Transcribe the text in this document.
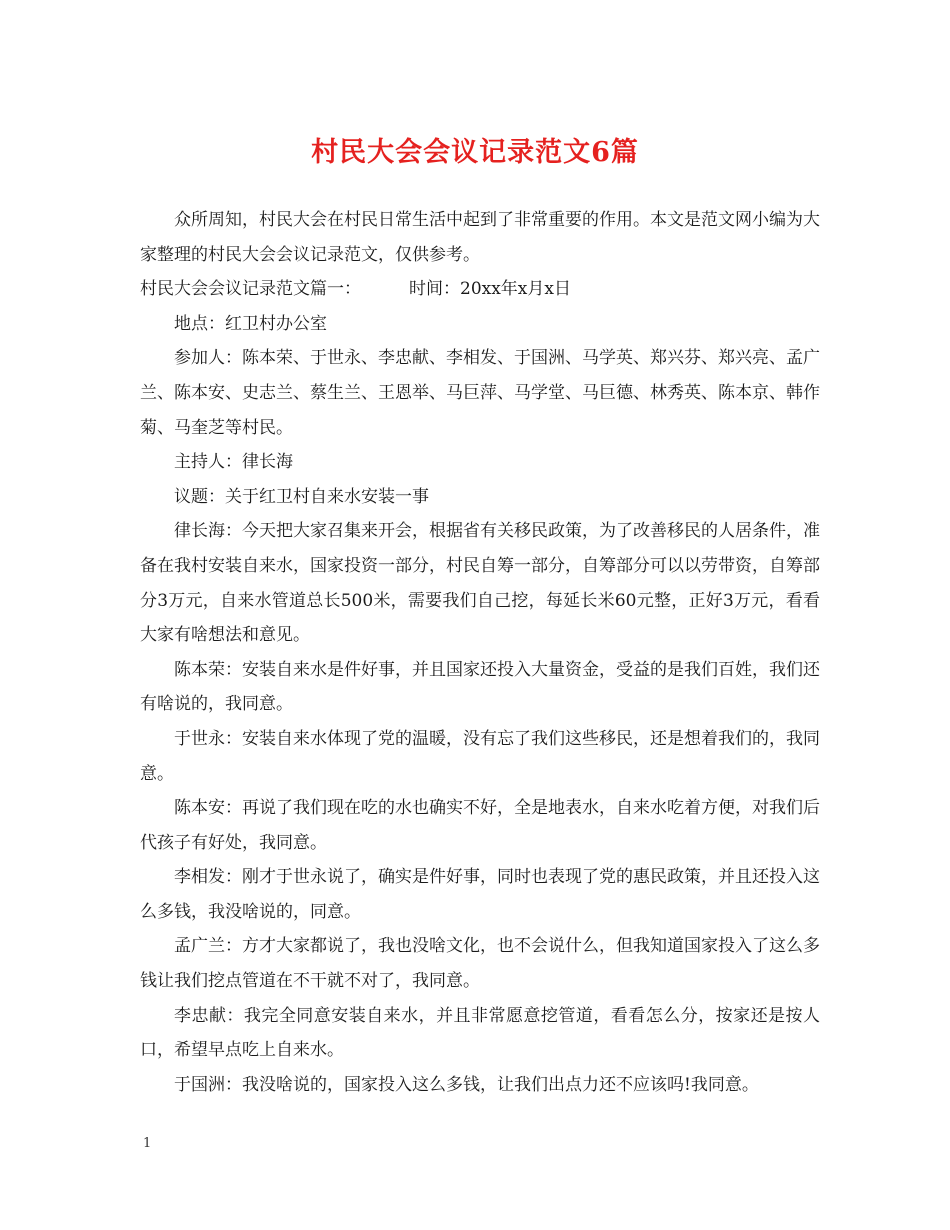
村民大会会议记录范文6篇

众所周知，村民大会在村民日常生活中起到了非常重要的作用。本文是范文网小编为大家整理的村民大会会议记录范文，仅供参考。

村民大会会议记录范文篇一：	时间：20xx年x月x日

地点：红卫村办公室

参加人：陈本荣、于世永、李忠献、李相发、于国洲、马学英、郑兴芬、郑兴亮、孟广兰、陈本安、史志兰、蔡生兰、王恩举、马巨萍、马学堂、马巨德、林秀英、陈本京、韩作菊、马奎芝等村民。

主持人：律长海

议题：关于红卫村自来水安装一事

律长海：今天把大家召集来开会，根据省有关移民政策，为了改善移民的人居条件，准备在我村安装自来水，国家投资一部分，村民自筹一部分，自筹部分可以以劳带资，自筹部分3万元，自来水管道总长500米，需要我们自己挖，每延长米60元整，正好3万元，看看大家有啥想法和意见。

陈本荣：安装自来水是件好事，并且国家还投入大量资金，受益的是我们百姓，我们还有啥说的，我同意。

于世永：安装自来水体现了党的温暖，没有忘了我们这些移民，还是想着我们的，我同意。

陈本安：再说了我们现在吃的水也确实不好，全是地表水，自来水吃着方便，对我们后代孩子有好处，我同意。

李相发：刚才于世永说了，确实是件好事，同时也表现了党的惠民政策，并且还投入这么多钱，我没啥说的，同意。

孟广兰：方才大家都说了，我也没啥文化，也不会说什么，但我知道国家投入了这么多钱让我们挖点管道在不干就不对了，我同意。

李忠献：我完全同意安装自来水，并且非常愿意挖管道，看看怎么分，按家还是按人口，希望早点吃上自来水。

于国洲：我没啥说的，国家投入这么多钱，让我们出点力还不应该吗!我同意。

1
